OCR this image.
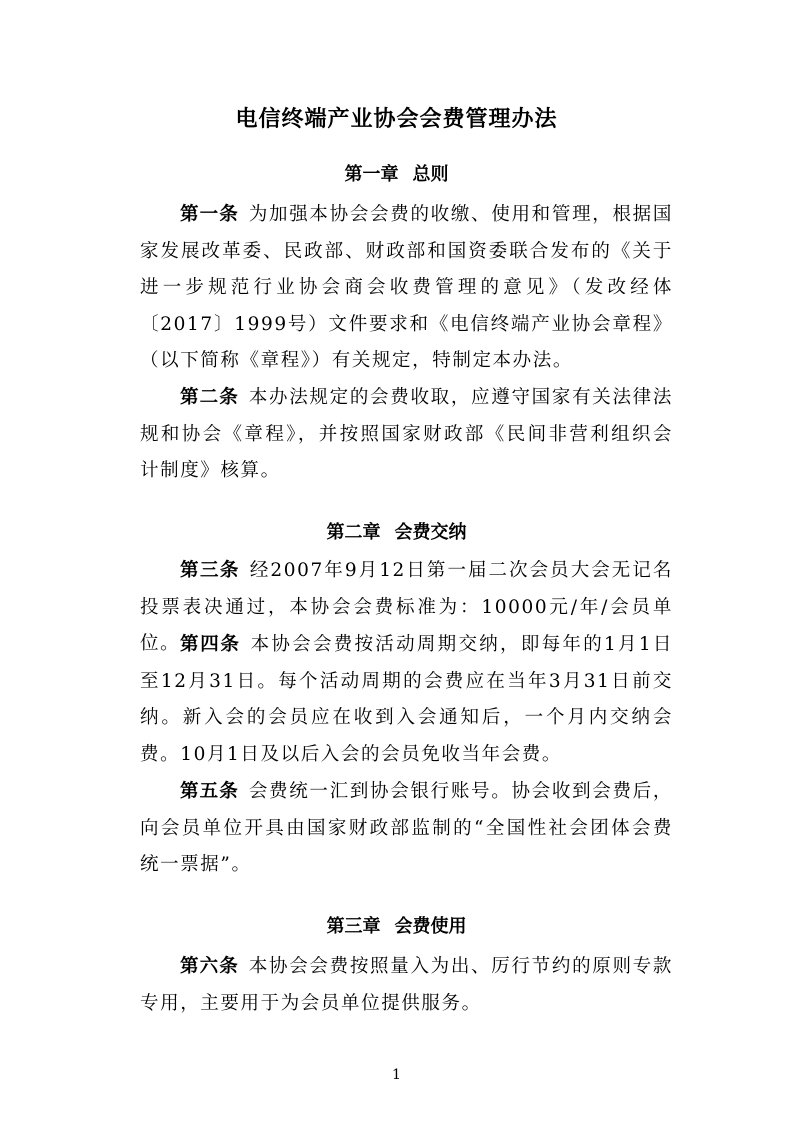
电信终端产业协会会费管理办法
第一章 总则

第一条 为加强本协会会费的收缴、使用和管理，根据国家发展改革委、民政部、财政部和国资委联合发布的《关于进一步规范行业协会商会收费管理的意见》（发改经体〔2017〕1999号）文件要求和《电信终端产业协会章程》（以下简称《章程》）有关规定，特制定本办法。

第二条 本办法规定的会费收取，应遵守国家有关法律法规和协会《章程》，并按照国家财政部《民间非营利组织会计制度》核算。

第二章 会费交纳

第三条 经2007年9月12日第一届二次会员大会无记名投票表决通过，本协会会费标准为：10000元/年/会员单位。 第四条 本协会会费按活动周期交纳，即每年的1月1日至12月31日。每个活动周期的会费应在当年3月31日前交纳。新入会的会员应在收到入会通知后，一个月内交纳会费。10月1日及以后入会的会员免收当年会费。

第五条 会费统一汇到协会银行账号。协会收到会费后，向会员单位开具由国家财政部监制的“全国性社会团体会费统一票据”。

第三章 会费使用

第六条 本协会会费按照量入为出、厉行节约的原则专款专用，主要用于为会员单位提供服务。

1
